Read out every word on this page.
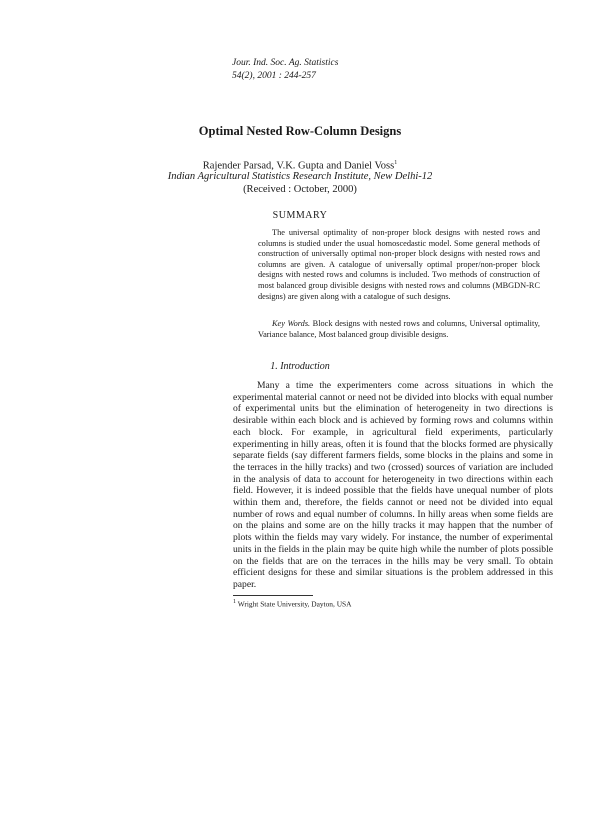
Jour. Ind. Soc. Ag. Statistics
54(2), 2001 : 244-257
Optimal Nested Row-Column Designs
Rajender Parsad, V.K. Gupta and Daniel Voss$^1$
Indian Agricultural Statistics Research Institute, New Delhi-12
(Received : October, 2000)
SUMMARY
The universal optimality of non-proper block designs with nested rows and columns is studied under the usual homoscedastic model. Some general methods of construction of universally optimal non-proper block designs with nested rows and columns are given. A catalogue of universally optimal proper/non-proper block designs with nested rows and columns is included. Two methods of construction of most balanced group divisible designs with nested rows and columns (MBGDN-RC designs) are given along with a catalogue of such designs.
Key Words. Block designs with nested rows and columns, Universal optimality, Variance balance, Most balanced group divisible designs.
1. Introduction
Many a time the experimenters come across situations in which the experimental material cannot or need not be divided into blocks with equal number of experimental units but the elimination of heterogeneity in two directions is desirable within each block and is achieved by forming rows and columns within each block. For example, in agricultural field experiments, particularly experimenting in hilly areas, often it is found that the blocks formed are physically separate fields (say different farmers fields, some blocks in the plains and some in the terraces in the hilly tracks) and two (crossed) sources of variation are included in the analysis of data to account for heterogeneity in two directions within each field. However, it is indeed possible that the fields have unequal number of plots within them and, therefore, the fields cannot or need not be divided into equal number of rows and equal number of columns. In hilly areas when some fields are on the plains and some are on the hilly tracks it may happen that the number of plots within the fields may vary widely. For instance, the number of experimental units in the fields in the plain may be quite high while the number of plots possible on the fields that are on the terraces in the hills may be very small. To obtain efficient designs for these and similar situations is the problem addressed in this paper.
$^1$ Wright State University, Dayton, USA
